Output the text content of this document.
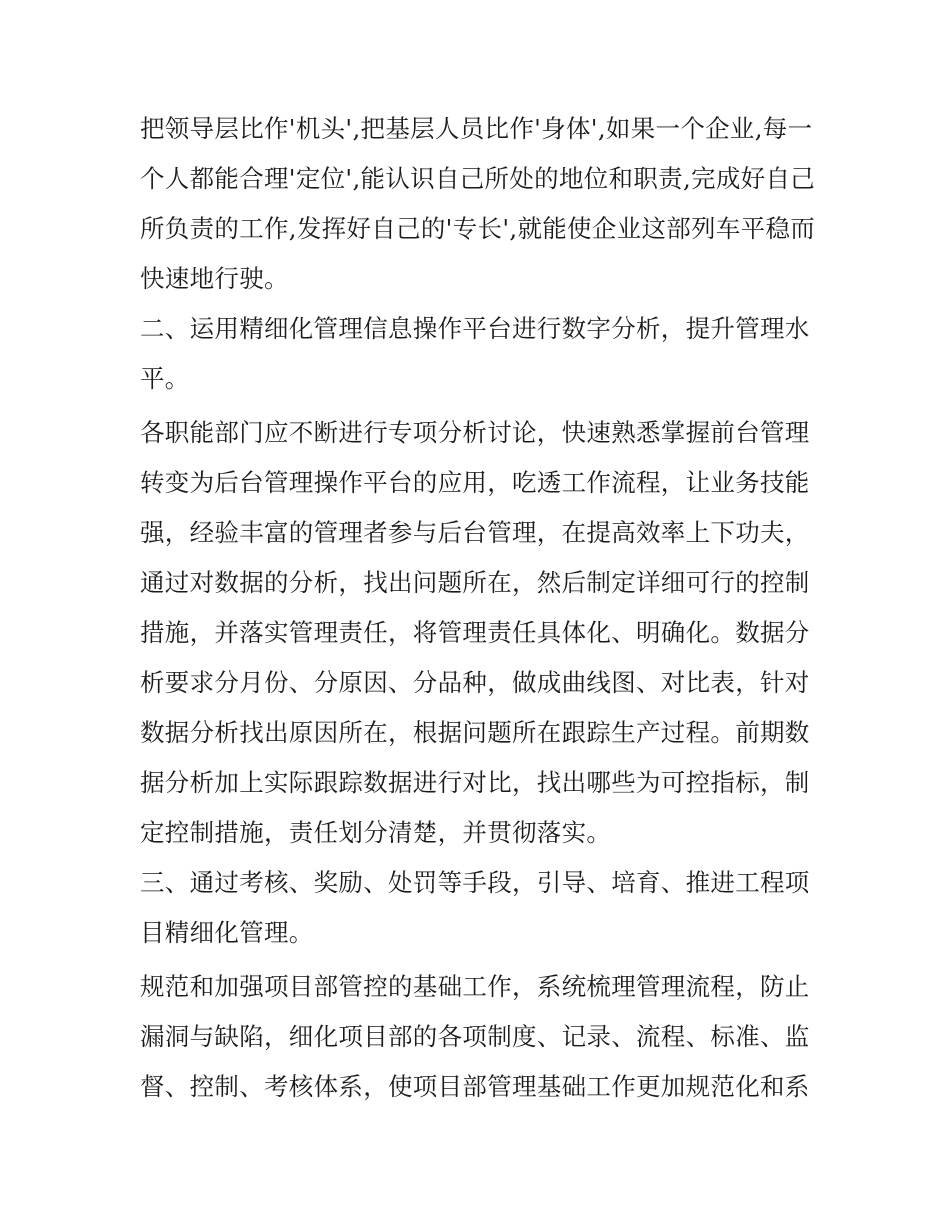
把领导层比作'机头',把基层人员比作'身体',如果一个企业,每一
个人都能合理'定位',能认识自己所处的地位和职责,完成好自己
所负责的工作,发挥好自己的'专长',就能使企业这部列车平稳而
快速地行驶。
二、运用精细化管理信息操作平台进行数字分析，提升管理水
平。
各职能部门应不断进行专项分析讨论，快速熟悉掌握前台管理
转变为后台管理操作平台的应用，吃透工作流程，让业务技能
强，经验丰富的管理者参与后台管理，在提高效率上下功夫，
通过对数据的分析，找出问题所在，然后制定详细可行的控制
措施，并落实管理责任，将管理责任具体化、明确化。数据分
析要求分月份、分原因、分品种，做成曲线图、对比表，针对
数据分析找出原因所在，根据问题所在跟踪生产过程。前期数
据分析加上实际跟踪数据进行对比，找出哪些为可控指标，制
定控制措施，责任划分清楚，并贯彻落实。
三、通过考核、奖励、处罚等手段，引导、培育、推进工程项
目精细化管理。
规范和加强项目部管控的基础工作，系统梳理管理流程，防止
漏洞与缺陷，细化项目部的各项制度、记录、流程、标准、监
督、控制、考核体系，使项目部管理基础工作更加规范化和系
